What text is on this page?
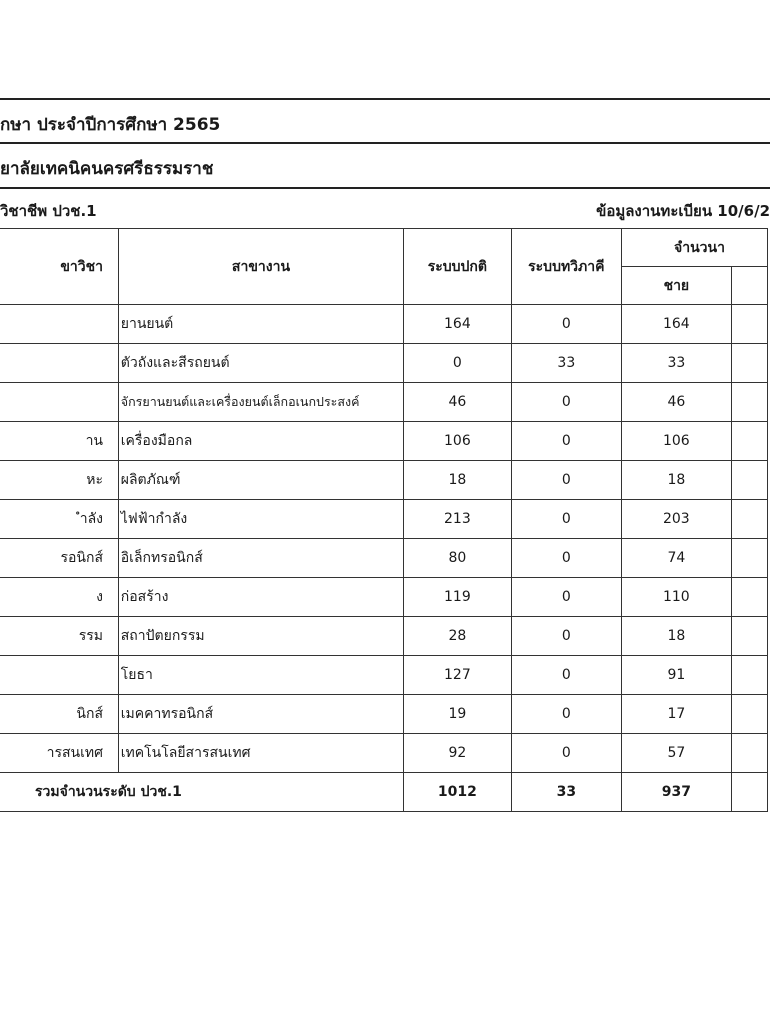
กษา ประจำปีการศึกษา 2565
ยาลัยเทคนิคนครศรีธรรมราช
วิชาชีพ ปวช.1	ข้อมูลงานทะเบียน 10/6/2
ขาวิชา	สาขางาน	ระบบปกติ	ระบบทวิภาคี	จำนวนา	
				ชาย	

	ยานยนต์	164	0	164	

	ตัวถังและสีรถยนต์	0	33	33	

	จักรยานยนต์และเครื่องยนต์เล็กอเนกประสงค์	46	0	46	

าน	เครื่องมือกล	106	0	106	

หะ	ผลิตภัณฑ์	18	0	18	

ำลัง	ไฟฟ้ากำลัง	213	0	203	

รอนิกส์	อิเล็กทรอนิกส์	80	0	74	

ง	ก่อสร้าง	119	0	110	

รรม	สถาปัตยกรรม	28	0	18	

	โยธา	127	0	91	

นิกส์	เมคคาทรอนิกส์	19	0	17	

ารสนเทศ	เทคโนโลยีสารสนเทศ	92	0	57	
รวมจำนวนระดับ ปวช.1		1012	33	937	
